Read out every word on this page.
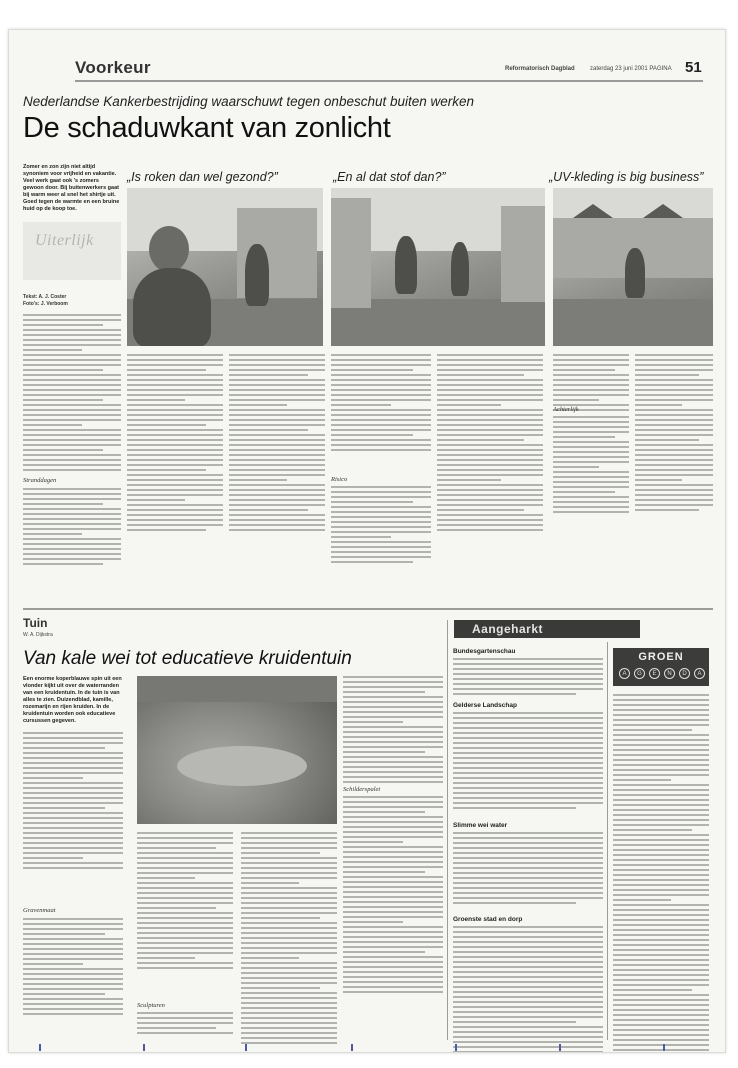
Voorkeur	Reformatorisch Dagblad	zaterdag 23 juni 2001 PAGINA 51
Nederlandse Kankerbestrijding waarschuwt tegen onbeschut buiten werken
De schaduwkant van zonlicht
Zomer en zon zijn niet altijd synoniem voor vrijheid en vakantie. Veel werk gaat ook 's zomers gewoon door. Bij buitenwerkers gaat bij warm weer al snel het shirtje uit. Goed tegen de warmte en een bruine huid op de koop toe.
Uiterlijk
Tekst: A. J. Coster
Foto's: J. Verboom
Stranddagen
„Is roken dan wel gezond?”	„En al dat stof dan?”	„UV-kleding is big business”
Risico
Achterlijk
Tuin
W. A. Dijkstra
Van kale wei tot educatieve kruidentuin
Een enorme koperblauwe spin uit een vlonder kijkt uit over de waterranden van een kruidentuin. In de tuin is van alles te zien. Duizendblad, kamille, rozemarijn en rijen kruiden. In de kruidentuin worden ook educatieve cursussen gegeven.
Gravenmaat
Sculpturen
Schilderspalet
Aangeharkt
Bundesgartenschau
Gelderse Landschap
Slimme wei water
Groenste stad en dorp
GROEN
A	G	E	N	D	A
